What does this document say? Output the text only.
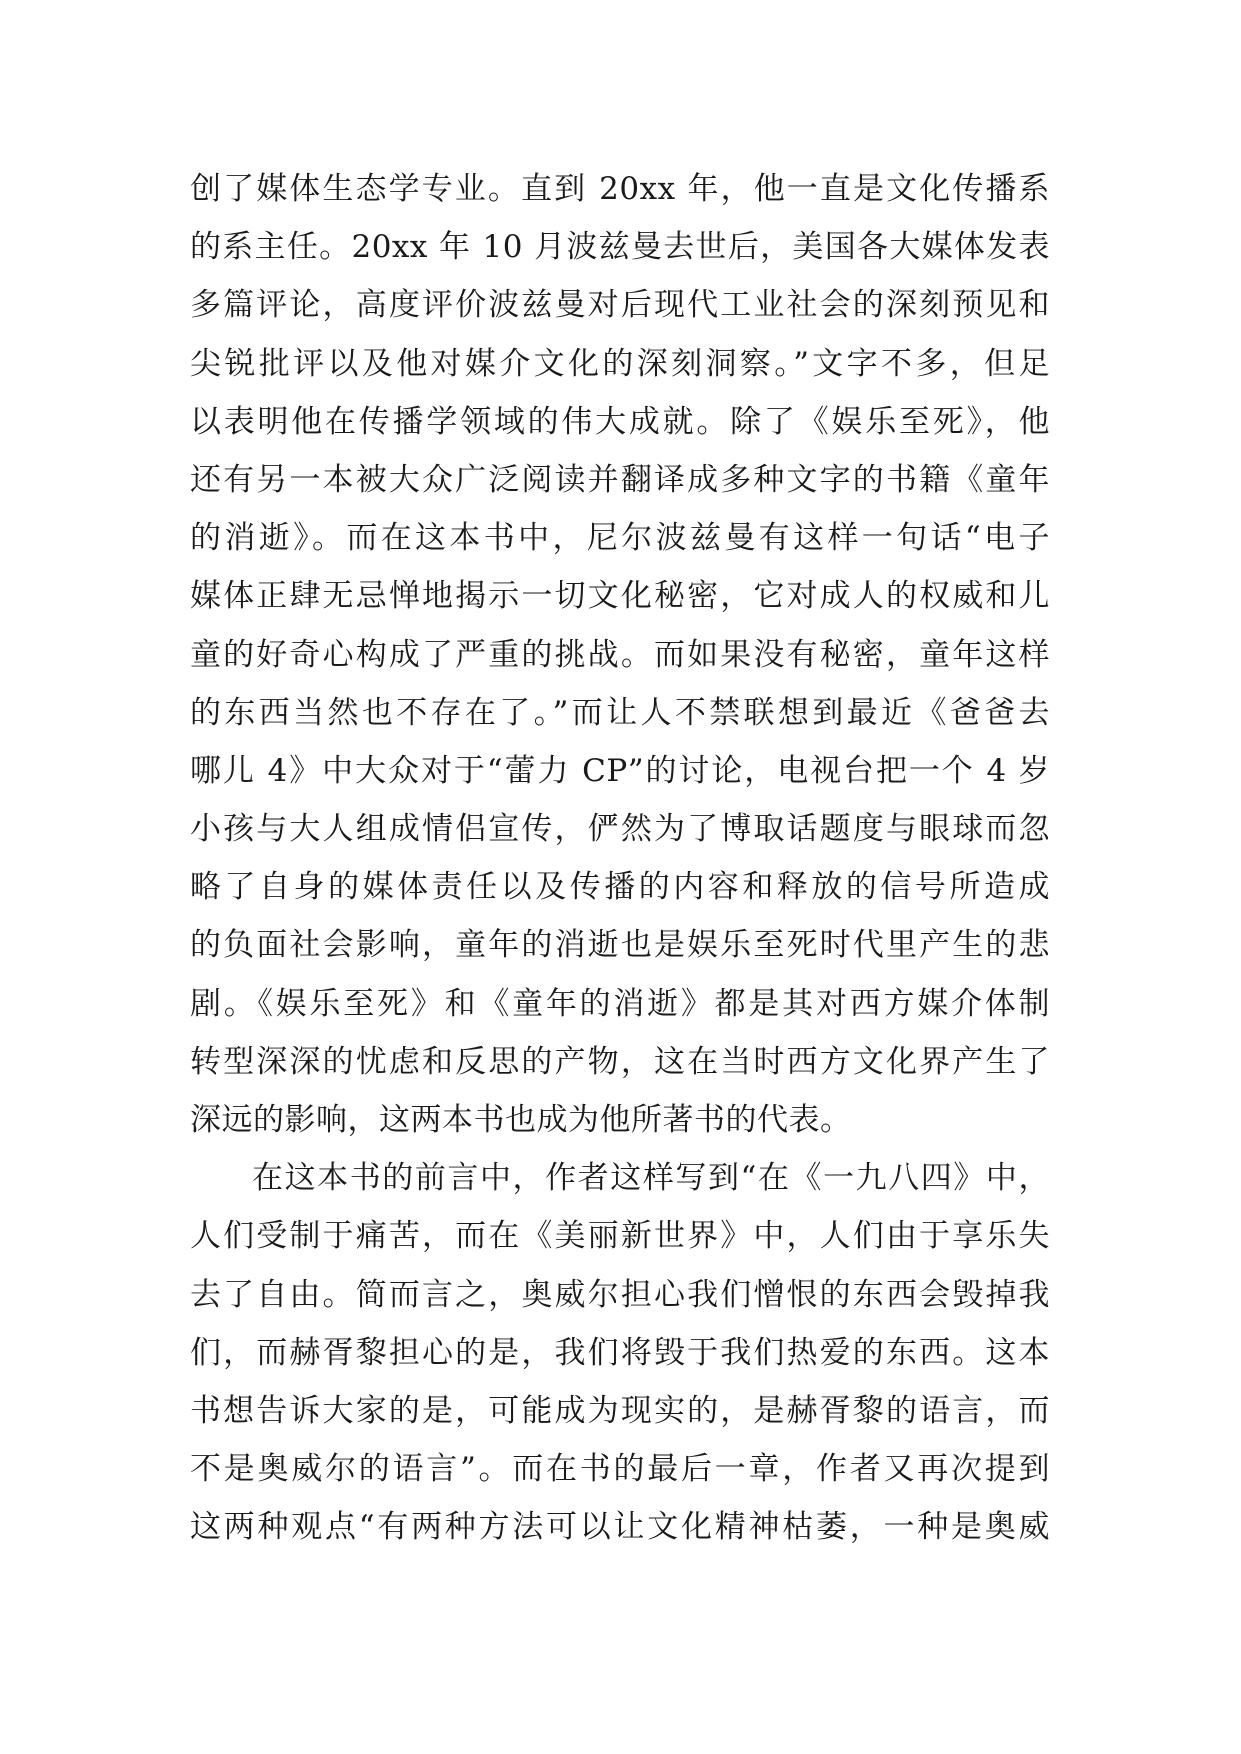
创了媒体生态学专业。直到 20xx 年，他一直是文化传播系
的系主任。20xx 年 10 月波兹曼去世后，美国各大媒体发表
多篇评论，高度评价波兹曼对后现代工业社会的深刻预见和
尖锐批评以及他对媒介文化的深刻洞察。”文字不多，但足
以表明他在传播学领域的伟大成就。除了《娱乐至死》，他
还有另一本被大众广泛阅读并翻译成多种文字的书籍《童年
的消逝》。而在这本书中，尼尔波兹曼有这样一句话“电子
媒体正肆无忌惮地揭示一切文化秘密，它对成人的权威和儿
童的好奇心构成了严重的挑战。而如果没有秘密，童年这样
的东西当然也不存在了。”而让人不禁联想到最近《爸爸去
哪儿 4》中大众对于“蕾力 CP”的讨论，电视台把一个 4 岁
小孩与大人组成情侣宣传，俨然为了博取话题度与眼球而忽
略了自身的媒体责任以及传播的内容和释放的信号所造成
的负面社会影响，童年的消逝也是娱乐至死时代里产生的悲
剧。《娱乐至死》和《童年的消逝》都是其对西方媒介体制
转型深深的忧虑和反思的产物，这在当时西方文化界产生了
深远的影响，这两本书也成为他所著书的代表。
在这本书的前言中，作者这样写到“在《一九八四》中，
人们受制于痛苦，而在《美丽新世界》中，人们由于享乐失
去了自由。简而言之，奥威尔担心我们憎恨的东西会毁掉我
们，而赫胥黎担心的是，我们将毁于我们热爱的东西。这本
书想告诉大家的是，可能成为现实的，是赫胥黎的语言，而
不是奥威尔的语言”。而在书的最后一章，作者又再次提到
这两种观点“有两种方法可以让文化精神枯萎，一种是奥威
